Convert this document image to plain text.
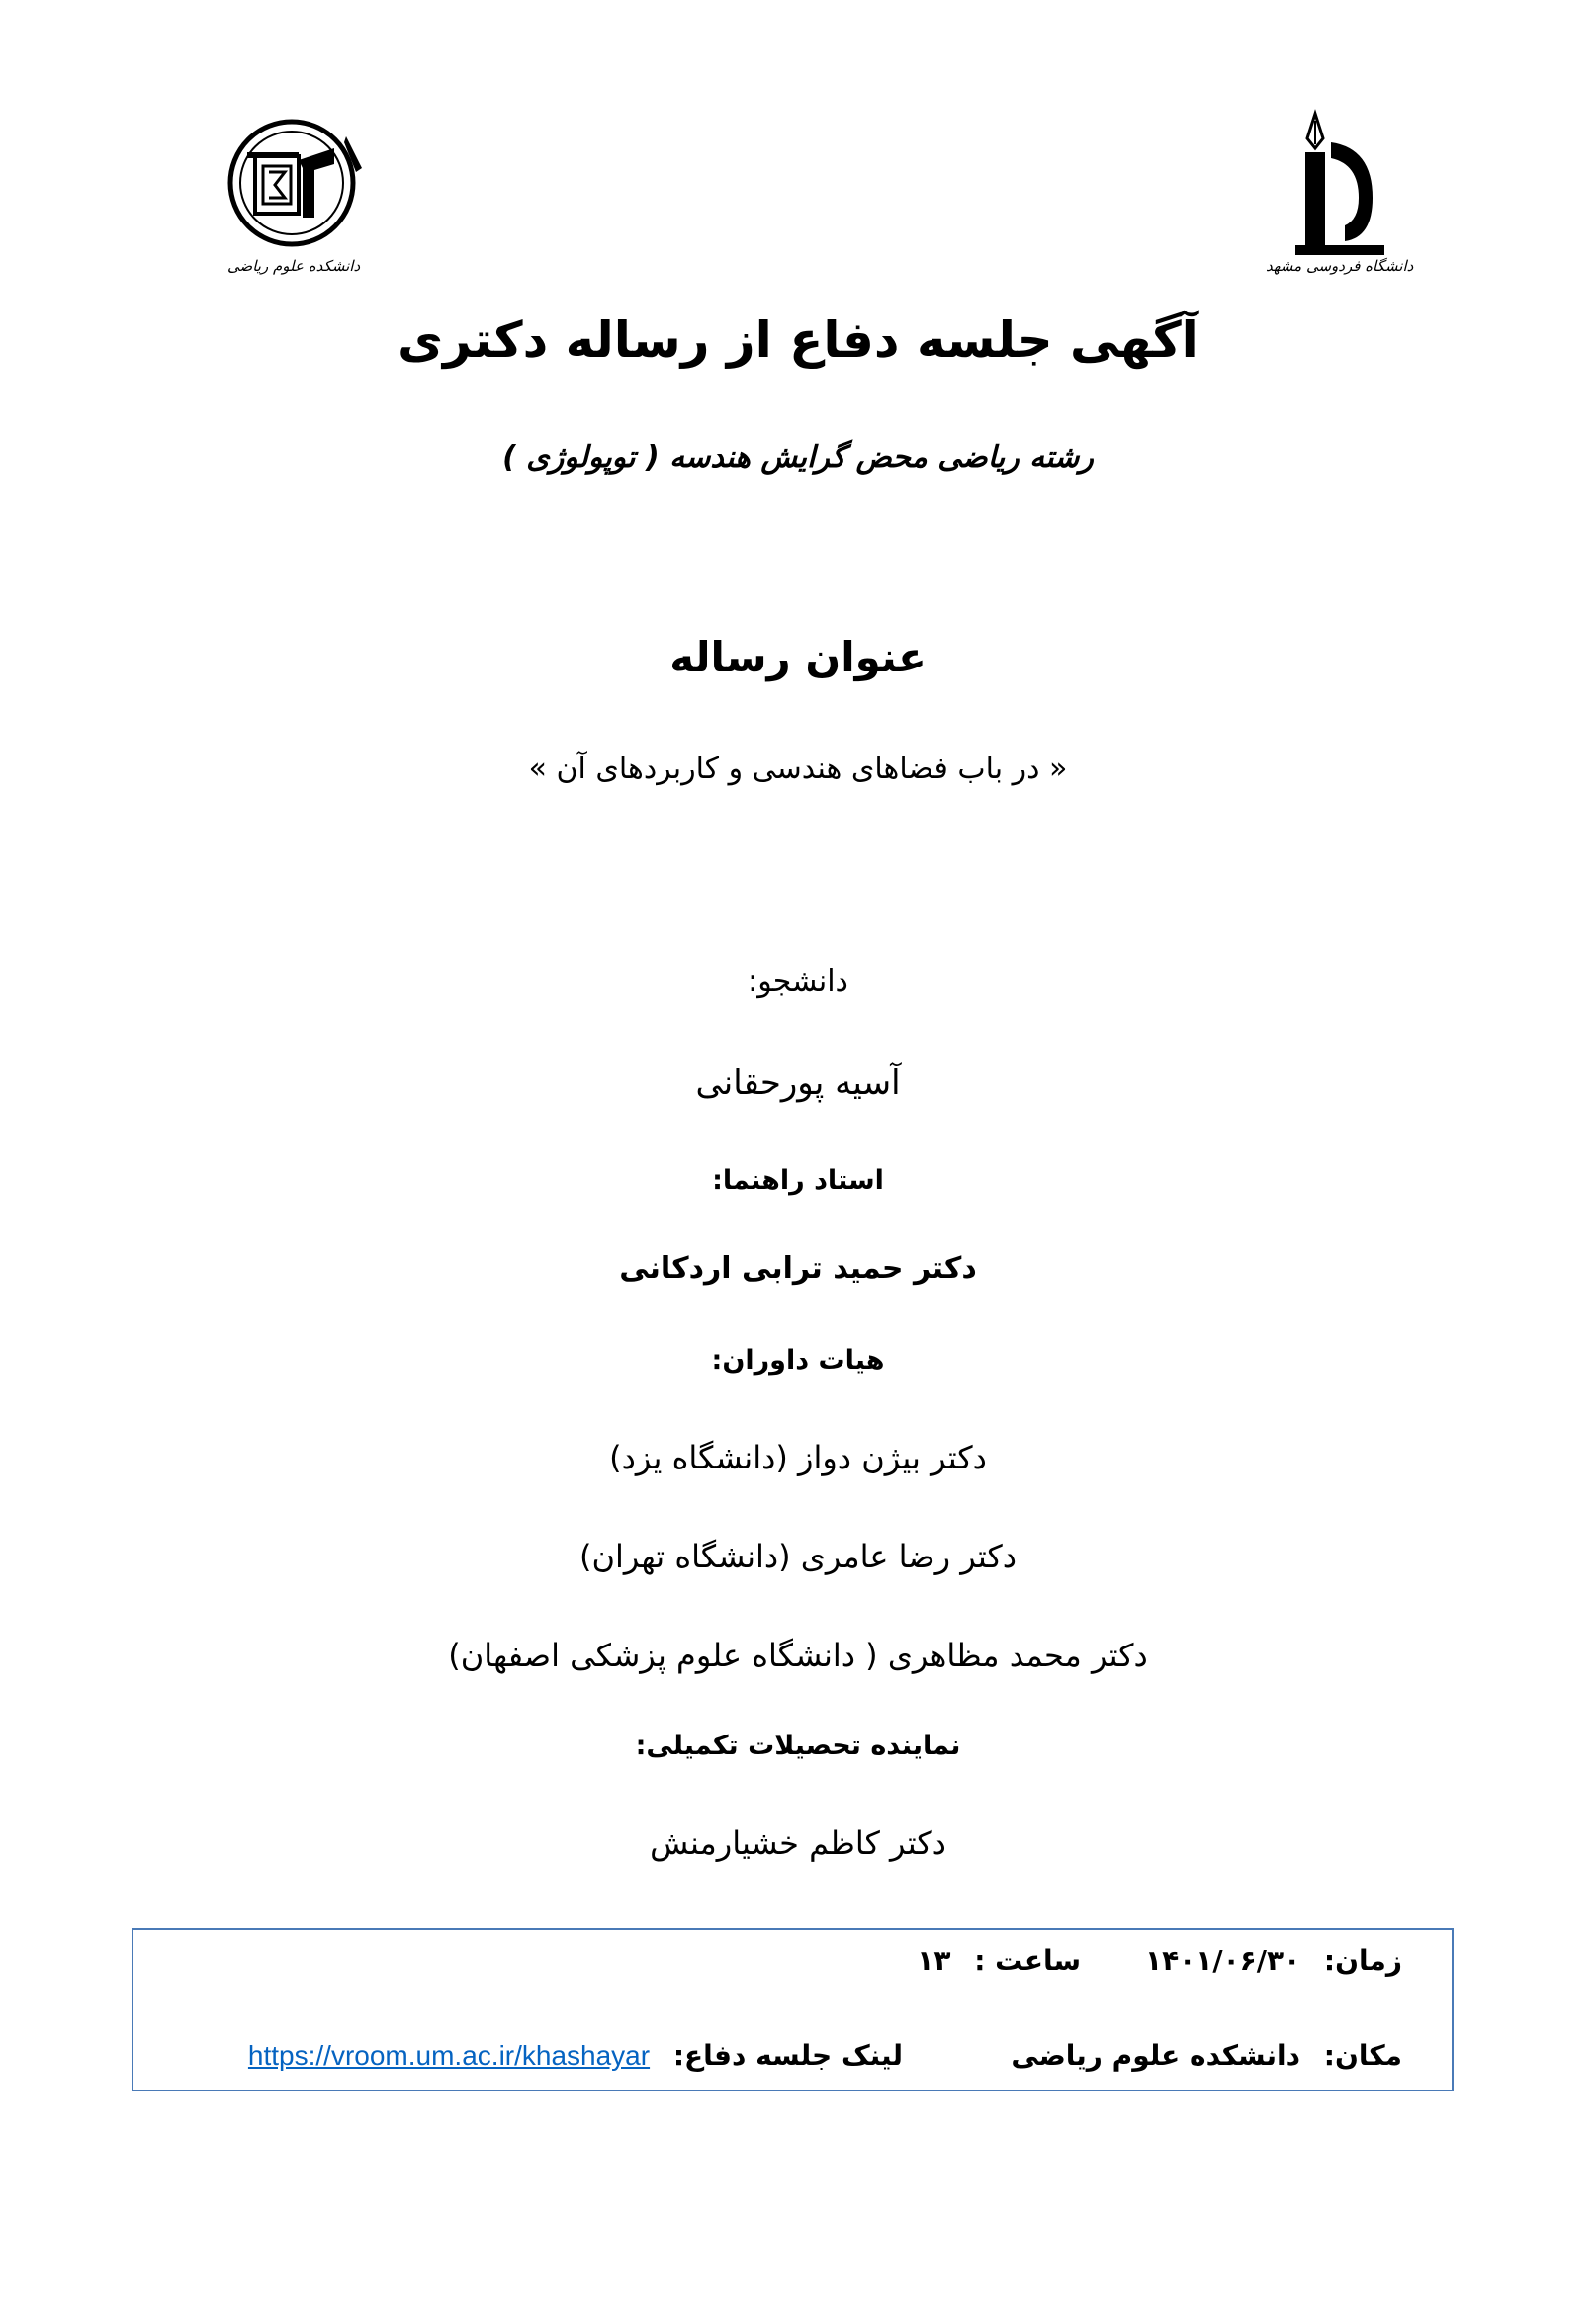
دانشکده علوم ریاضی	دانشگاه فردوسی مشهد
آگهی جلسه دفاع از رساله دکتری
رشته ریاضی محض گرایش هندسه ( توپولوژی )
عنوان رساله
« در باب فضاهای هندسی و کاربردهای آن »
دانشجو:
آسیه پورحقانی
استاد راهنما:
دکتر حمید ترابی اردکانی
هیات داوران:
دکتر بیژن دواز (دانشگاه یزد)
دکتر رضا عامری (دانشگاه تهران)
دکتر محمد مظاهری ( دانشگاه علوم پزشکی اصفهان)
نماینده تحصیلات تکمیلی:
دکتر کاظم خشیارمنش
زمان: ۱۴۰۱/۰۶/۳۰
ساعت : ۱۳
مکان: دانشکده علوم ریاضی
لینک جلسه دفاع: https://vroom.um.ac.ir/khashayar
